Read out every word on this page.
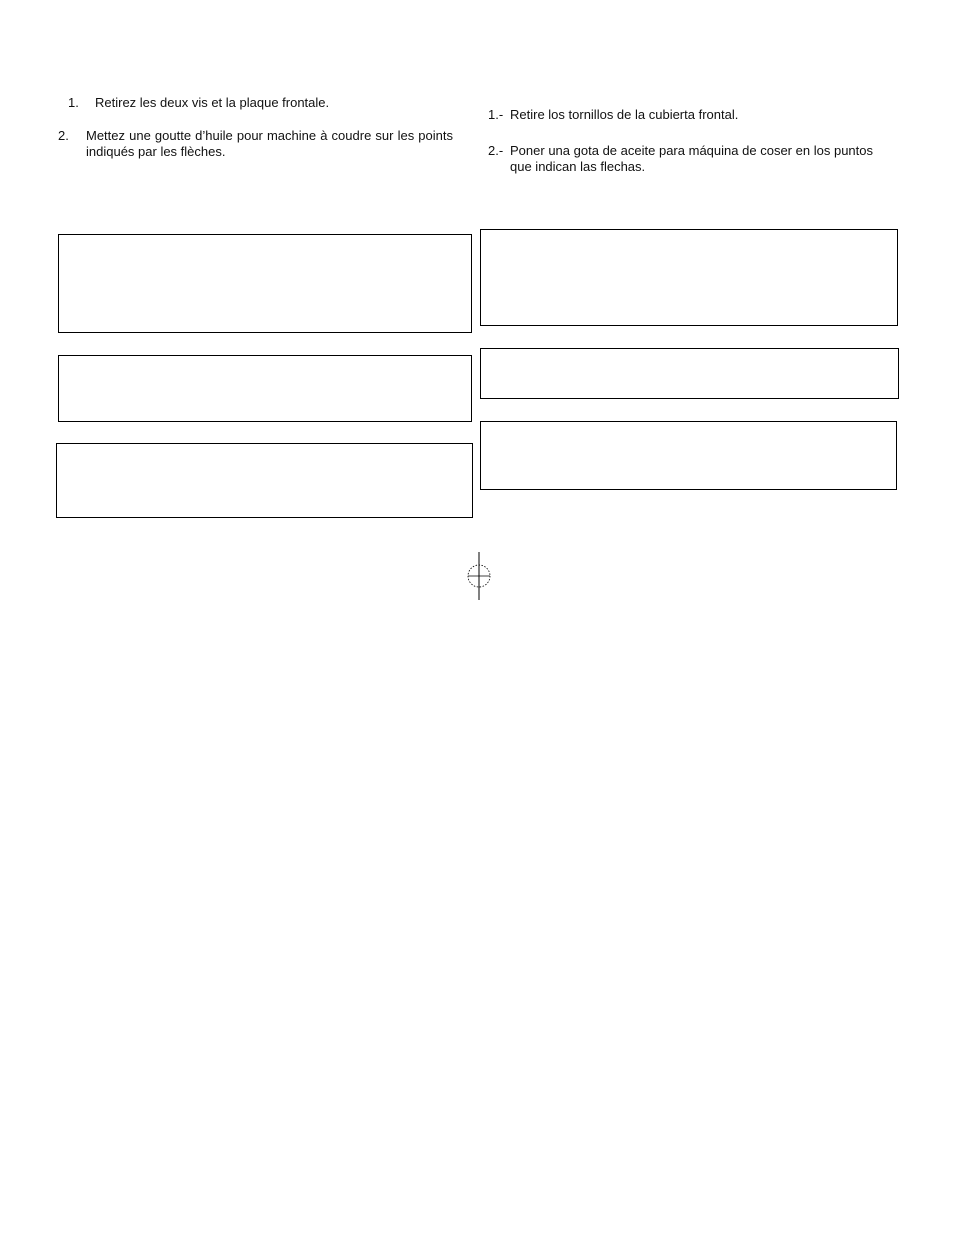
1.	Retirez les deux vis et la plaque frontale.
2.	Mettez une goutte d’huile pour machine à coudre sur les points indiqués par les flèches.
1.- Retire los tornillos de la cubierta frontal.
2.- Poner una gota de aceite para máquina de coser en los puntos que indican las flechas.
